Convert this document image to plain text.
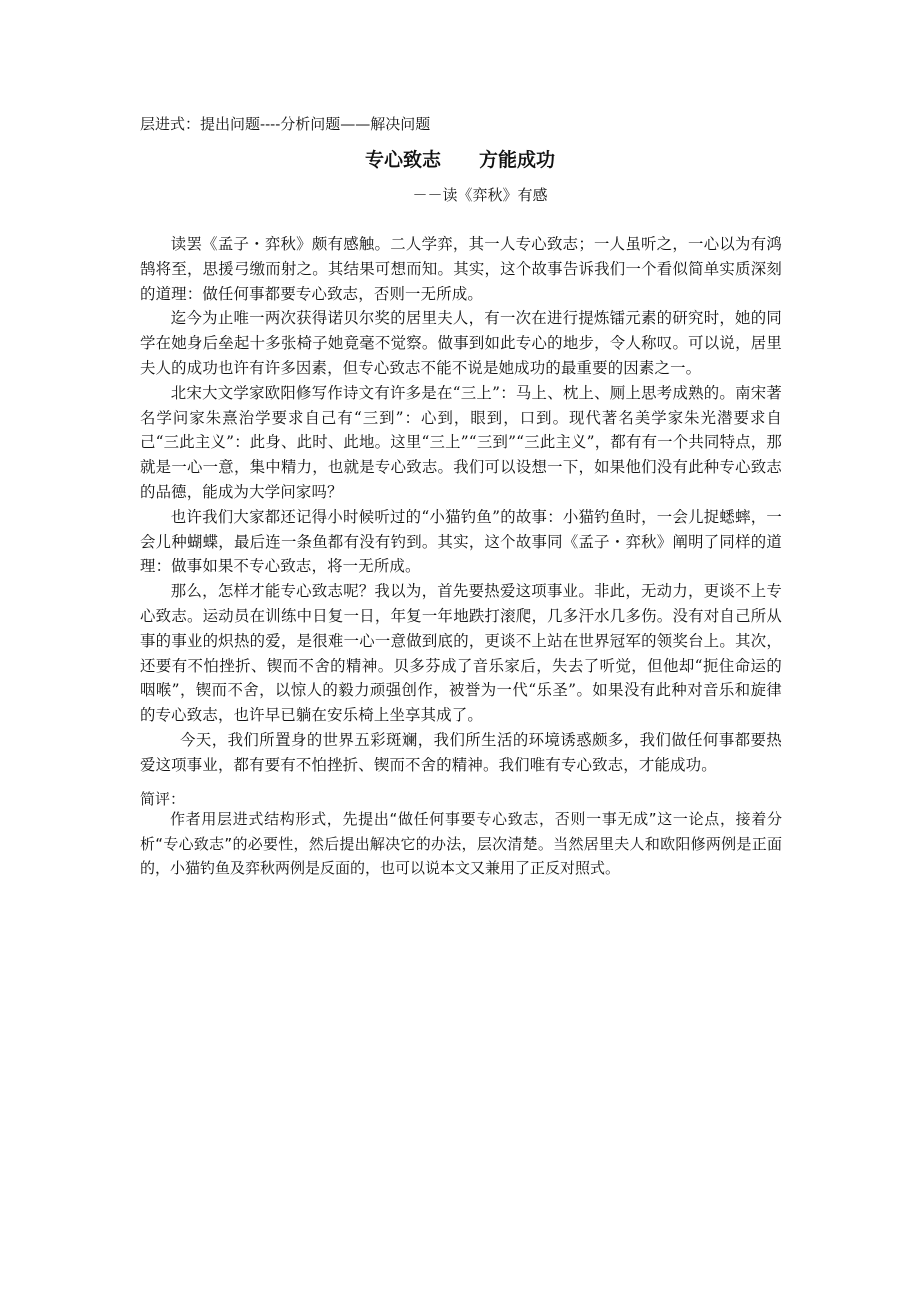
层进式：提出问题----分析问题——解决问题
专心致志　　方能成功
－－读《弈秋》有感

读罢《孟子・弈秋》颇有感触。二人学弈，其一人专心致志；一人虽听之，一心以为有鸿鹄将至，思援弓缴而射之。其结果可想而知。其实，这个故事告诉我们一个看似简单实质深刻的道理：做任何事都要专心致志，否则一无所成。

迄今为止唯一两次获得诺贝尔奖的居里夫人，有一次在进行提炼镭元素的研究时，她的同学在她身后垒起十多张椅子她竟毫不觉察。做事到如此专心的地步，令人称叹。可以说，居里夫人的成功也许有许多因素，但专心致志不能不说是她成功的最重要的因素之一。

北宋大文学家欧阳修写作诗文有许多是在“三上”：马上、枕上、厕上思考成熟的。南宋著名学问家朱熹治学要求自己有“三到”：心到，眼到，口到。现代著名美学家朱光潜要求自己“三此主义”：此身、此时、此地。这里“三上”“三到”“三此主义”，都有有一个共同特点，那就是一心一意，集中精力，也就是专心致志。我们可以设想一下，如果他们没有此种专心致志的品德，能成为大学问家吗？

也许我们大家都还记得小时候听过的“小猫钓鱼”的故事：小猫钓鱼时，一会儿捉蟋蟀，一会儿种蝴蝶，最后连一条鱼都有没有钓到。其实，这个故事同《孟子・弈秋》阐明了同样的道理：做事如果不专心致志，将一无所成。

那么，怎样才能专心致志呢？我以为，首先要热爱这项事业。非此，无动力，更谈不上专心致志。运动员在训练中日复一日，年复一年地跌打滚爬，几多汗水几多伤。没有对自己所从事的事业的炽热的爱，是很难一心一意做到底的，更谈不上站在世界冠军的领奖台上。其次，还要有不怕挫折、锲而不舍的精神。贝多芬成了音乐家后，失去了听觉，但他却“扼住命运的咽喉”，锲而不舍，以惊人的毅力顽强创作，被誉为一代“乐圣”。如果没有此种对音乐和旋律的专心致志，也许早已躺在安乐椅上坐享其成了。

今天，我们所置身的世界五彩斑斓，我们所生活的环境诱惑颇多，我们做任何事都要热爱这项事业，都有要有不怕挫折、锲而不舍的精神。我们唯有专心致志，才能成功。

简评：

作者用层进式结构形式，先提出“做任何事要专心致志，否则一事无成”这一论点，接着分析“专心致志”的必要性，然后提出解决它的办法，层次清楚。当然居里夫人和欧阳修两例是正面的，小猫钓鱼及弈秋两例是反面的，也可以说本文又兼用了正反对照式。
